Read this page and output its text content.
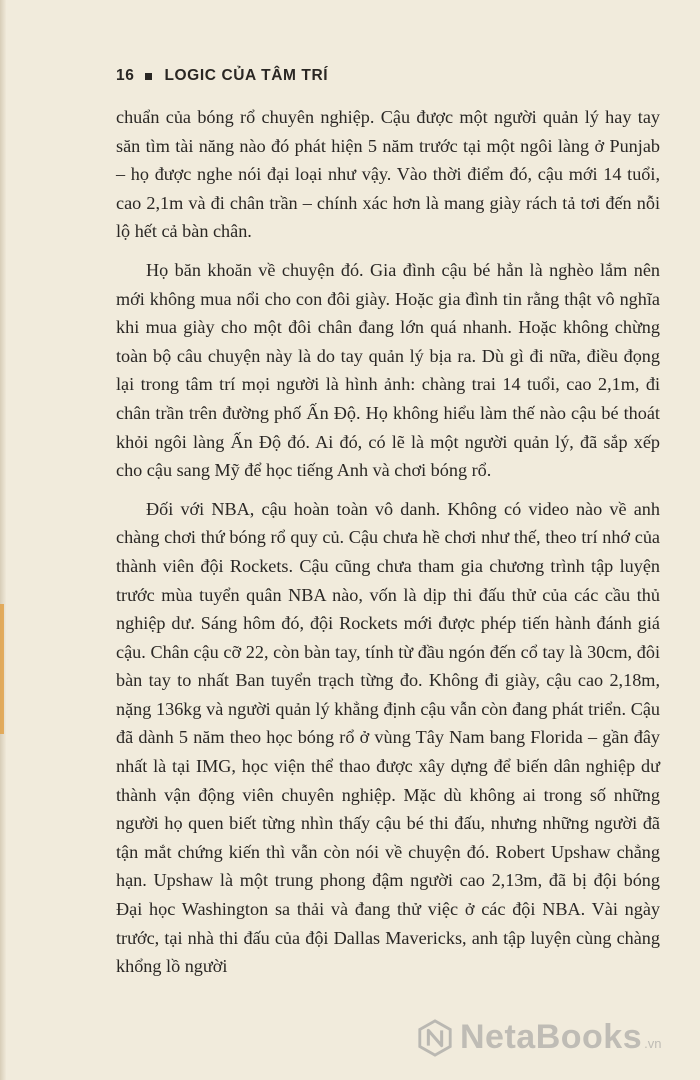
16 LOGIC CỦA TÂM TRÍ

chuẩn của bóng rổ chuyên nghiệp. Cậu được một người quản lý hay tay săn tìm tài năng nào đó phát hiện 5 năm trước tại một ngôi làng ở Punjab – họ được nghe nói đại loại như vậy. Vào thời điểm đó, cậu mới 14 tuổi, cao 2,1m và đi chân trần – chính xác hơn là mang giày rách tả tơi đến nỗi lộ hết cả bàn chân.

Họ băn khoăn về chuyện đó. Gia đình cậu bé hẳn là nghèo lắm nên mới không mua nổi cho con đôi giày. Hoặc gia đình tin rằng thật vô nghĩa khi mua giày cho một đôi chân đang lớn quá nhanh. Hoặc không chừng toàn bộ câu chuyện này là do tay quản lý bịa ra. Dù gì đi nữa, điều đọng lại trong tâm trí mọi người là hình ảnh: chàng trai 14 tuổi, cao 2,1m, đi chân trần trên đường phố Ấn Độ. Họ không hiểu làm thế nào cậu bé thoát khỏi ngôi làng Ấn Độ đó. Ai đó, có lẽ là một người quản lý, đã sắp xếp cho cậu sang Mỹ để học tiếng Anh và chơi bóng rổ.

Đối với NBA, cậu hoàn toàn vô danh. Không có video nào về anh chàng chơi thứ bóng rổ quy củ. Cậu chưa hề chơi như thế, theo trí nhớ của thành viên đội Rockets. Cậu cũng chưa tham gia chương trình tập luyện trước mùa tuyển quân NBA nào, vốn là dịp thi đấu thử của các cầu thủ nghiệp dư. Sáng hôm đó, đội Rockets mới được phép tiến hành đánh giá cậu. Chân cậu cỡ 22, còn bàn tay, tính từ đầu ngón đến cổ tay là 30cm, đôi bàn tay to nhất Ban tuyển trạch từng đo. Không đi giày, cậu cao 2,18m, nặng 136kg và người quản lý khẳng định cậu vẫn còn đang phát triển. Cậu đã dành 5 năm theo học bóng rổ ở vùng Tây Nam bang Florida – gần đây nhất là tại IMG, học viện thể thao được xây dựng để biến dân nghiệp dư thành vận động viên chuyên nghiệp. Mặc dù không ai trong số những người họ quen biết từng nhìn thấy cậu bé thi đấu, nhưng những người đã tận mắt chứng kiến thì vẫn còn nói về chuyện đó. Robert Upshaw chẳng hạn. Upshaw là một trung phong đậm người cao 2,13m, đã bị đội bóng Đại học Washington sa thải và đang thử việc ở các đội NBA. Vài ngày trước, tại nhà thi đấu của đội Dallas Mavericks, anh tập luyện cùng chàng khổng lồ người

NetaBooks .vn
